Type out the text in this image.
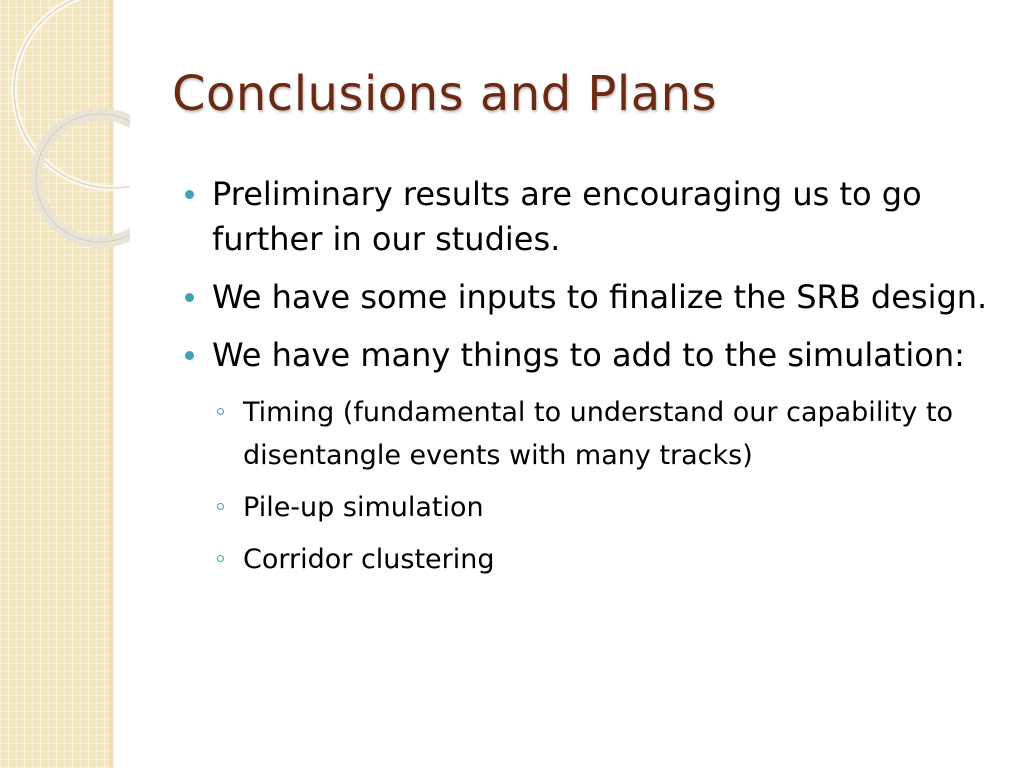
Conclusions and Plans
Preliminary results are encouraging us to go further in our studies.
We have some inputs to finalize the SRB design.
We have many things to add to the simulation:
Timing (fundamental to understand our capability to disentangle events with many tracks)
Pile-up simulation
Corridor clustering
